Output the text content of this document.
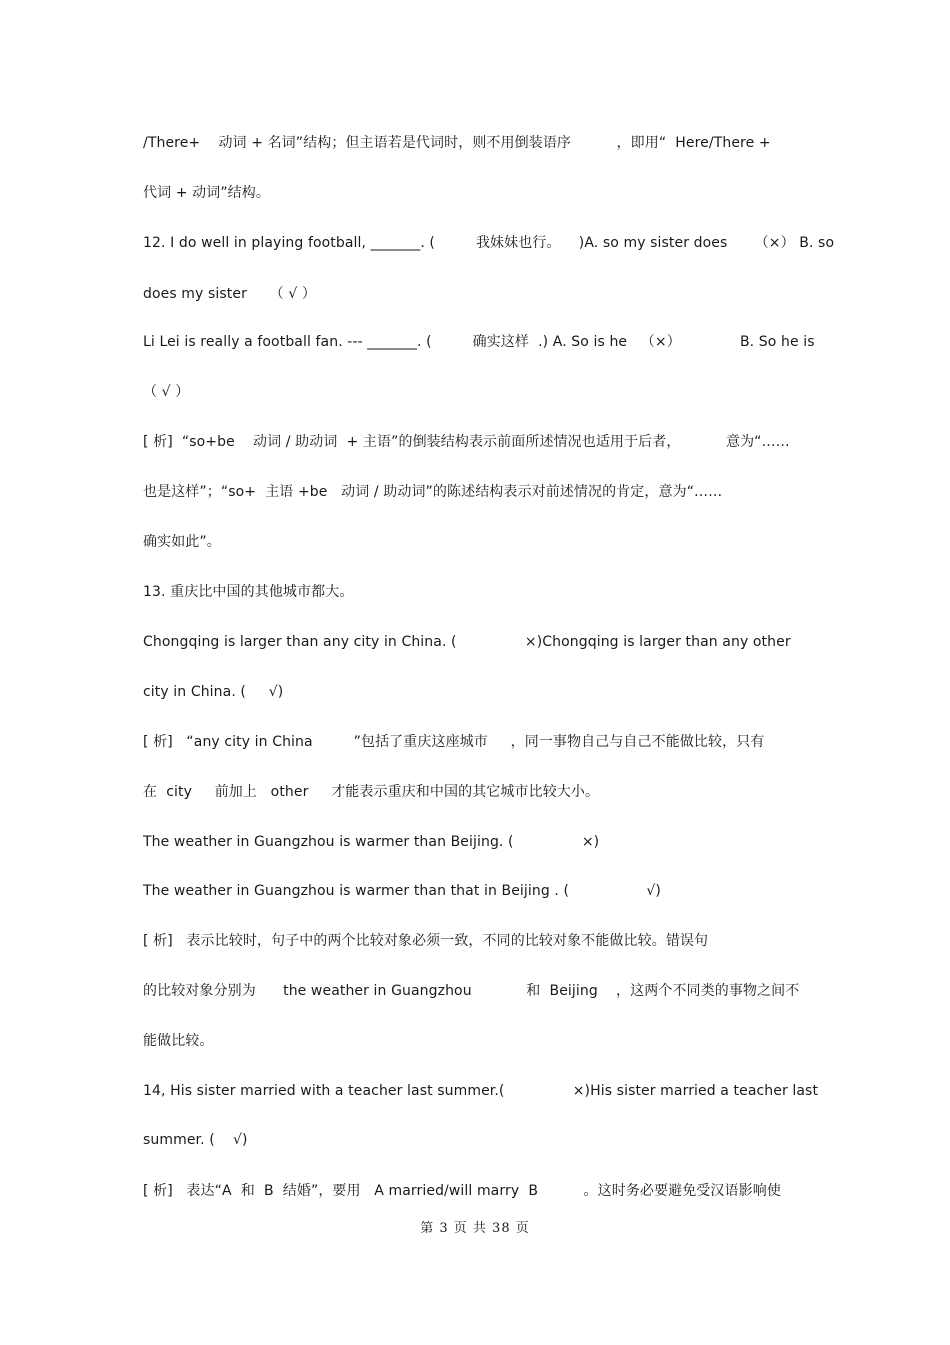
/There+    动词 + 名词”结构；但主语若是代词时，则不用倒装语序          ，即用“  Here/There +
代词 + 动词”结构。
12. I do well in playing football, _______. (         我妹妹也行。    )A. so my sister does      （×） B. so
does my sister     （ √ ）
Li Lei is really a football fan. --- _______. (         确实这样  .) A. So is he   （×）             B. So he is
（ √ ）
[ 析]  “so+be    动词 / 助动词  + 主语”的倒装结构表示前面所述情况也适用于后者，          意为“……
也是这样”；“so+  主语 +be   动词 / 助动词”的陈述结构表示对前述情况的肯定，意为“……
确实如此”。
13. 重庆比中国的其他城市都大。
Chongqing is larger than any city in China. (               ×)Chongqing is larger than any other
city in China. (     √)
[ 析]   “any city in China         ”包括了重庆这座城市     ，同一事物自己与自己不能做比较，只有
在  city     前加上   other     才能表示重庆和中国的其它城市比较大小。
The weather in Guangzhou is warmer than Beijing. (               ×)
The weather in Guangzhou is warmer than that in Beijing . (                 √)
[ 析]   表示比较时，句子中的两个比较对象必须一致，不同的比较对象不能做比较。错误句
的比较对象分别为      the weather in Guangzhou            和  Beijing    ，这两个不同类的事物之间不
能做比较。
14, His sister married with a teacher last summer.(               ×)His sister married a teacher last
summer. (    √)
[ 析]   表达“A  和  B  结婚”，要用   A married/will marry  B          。这时务必要避免受汉语影响使
第 3 页 共 38 页
